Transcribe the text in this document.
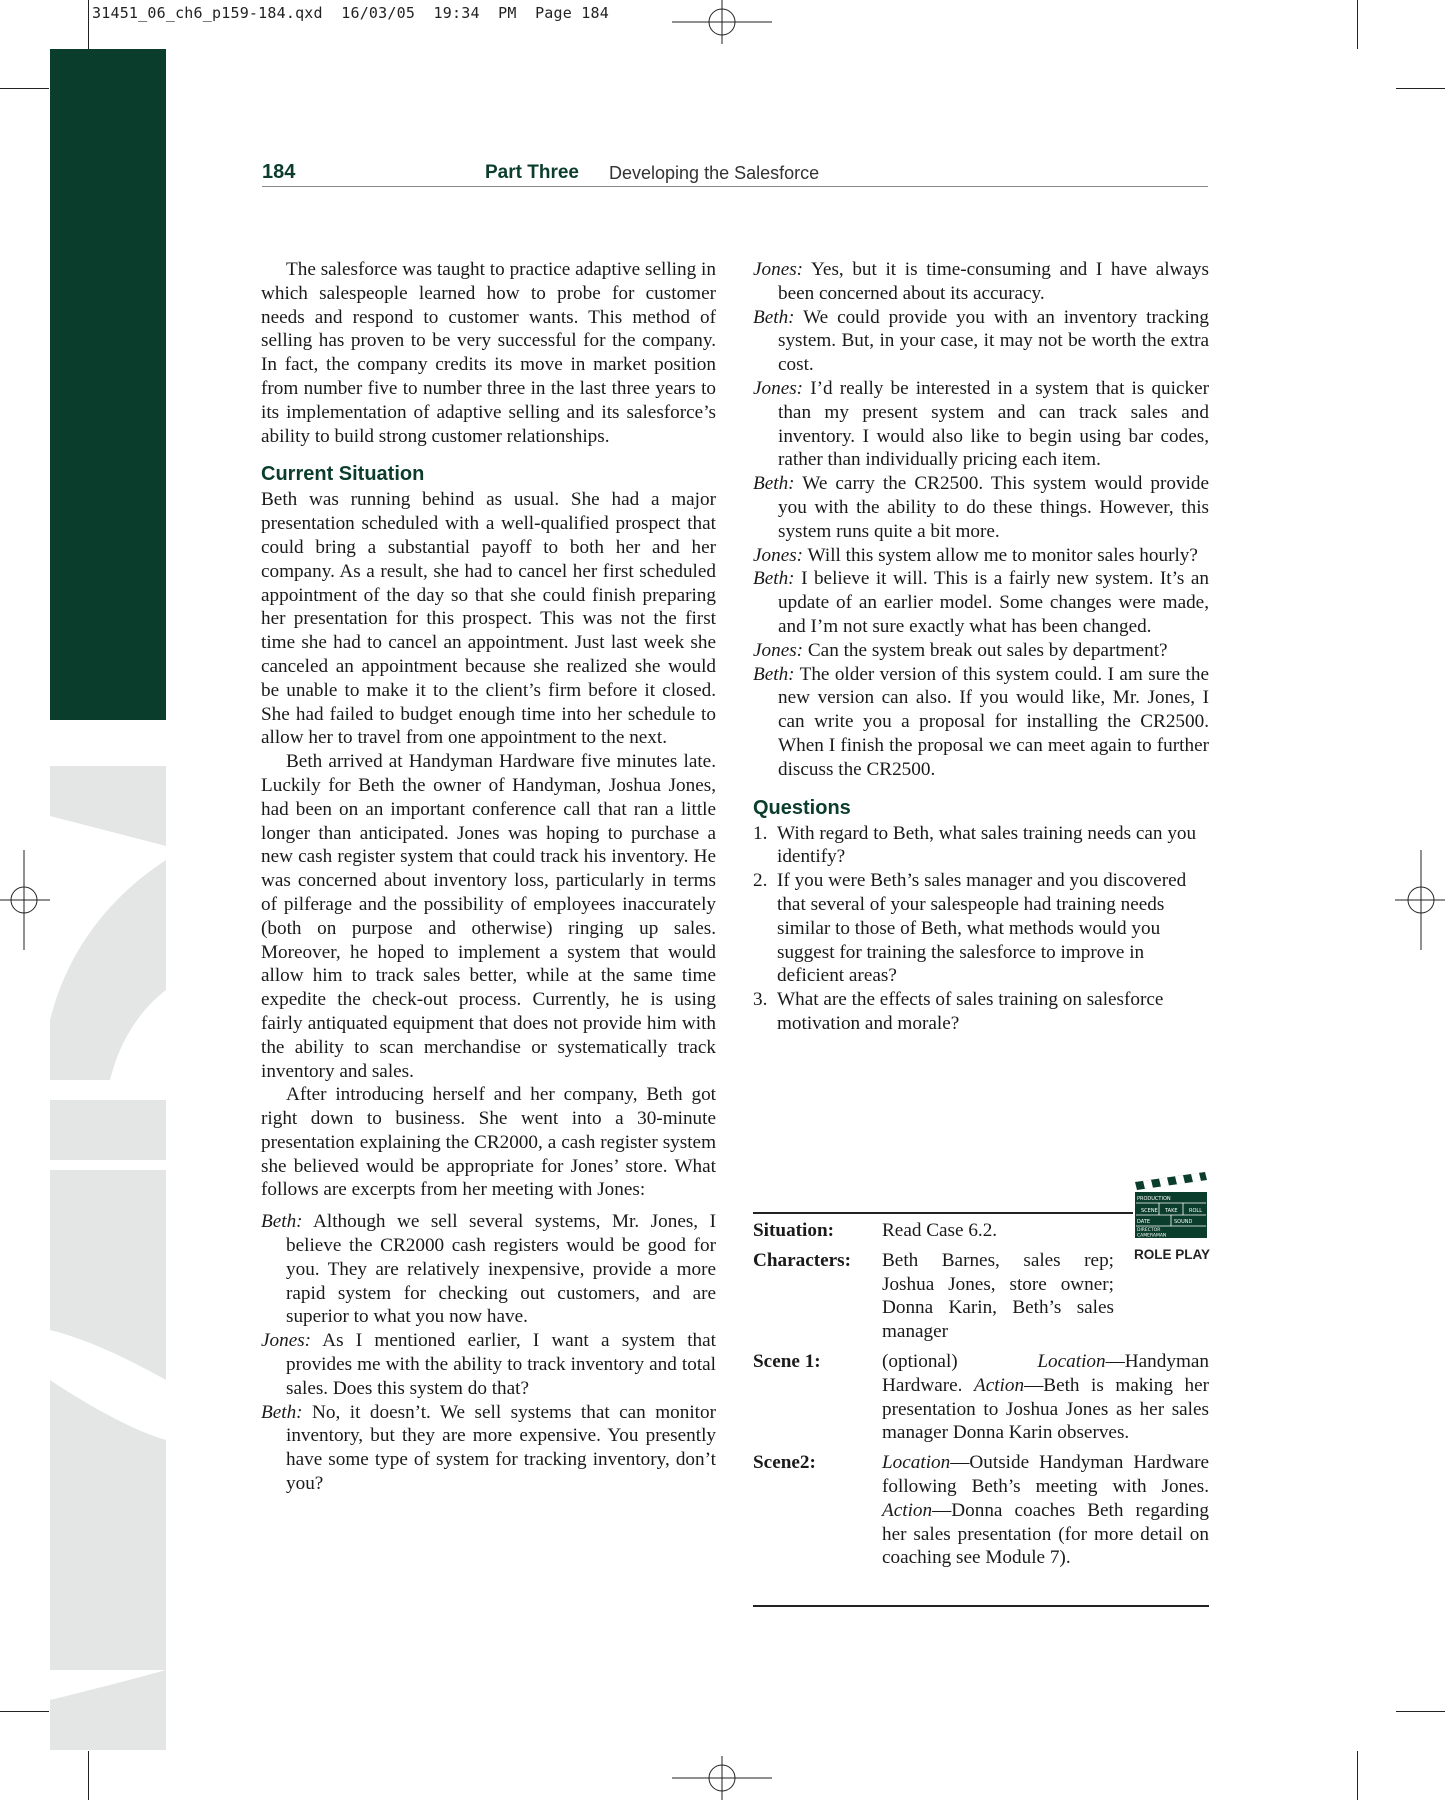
31451_06_ch6_p159-184.qxd  16/03/05  19:34  PM  Page 184
184	Part Three Developing the Salesforce

The salesforce was taught to practice adaptive selling in which salespeople learned how to probe for customer needs and respond to customer wants. This method of selling has proven to be very successful for the company. In fact, the company credits its move in market position from number five to number three in the last three years to its implementation of adaptive selling and its salesforce’s ability to build strong customer relationships.

Current Situation

Beth was running behind as usual. She had a major presentation scheduled with a well-qualified prospect that could bring a substantial payoff to both her and her company. As a result, she had to cancel her first scheduled appointment of the day so that she could finish preparing her presentation for this prospect. This was not the first time she had to cancel an appointment. Just last week she canceled an appointment because she realized she would be unable to make it to the client’s firm before it closed. She had failed to budget enough time into her schedule to allow her to travel from one appointment to the next.

Beth arrived at Handyman Hardware five minutes late. Luckily for Beth the owner of Handyman, Joshua Jones, had been on an important conference call that ran a little longer than anticipated. Jones was hoping to purchase a new cash register system that could track his inventory. He was concerned about inventory loss, particularly in terms of pilferage and the possibility of employees inaccurately (both on purpose and otherwise) ringing up sales. Moreover, he hoped to implement a system that would allow him to track sales better, while at the same time expedite the check-out process. Currently, he is using fairly antiquated equipment that does not provide him with the ability to scan merchandise or systematically track inventory and sales.

After introducing herself and her company, Beth got right down to business. She went into a 30-minute presentation explaining the CR2000, a cash register system she believed would be appropriate for Jones’ store. What follows are excerpts from her meeting with Jones:

Beth: Although we sell several systems, Mr. Jones, I believe the CR2000 cash registers would be good for you. They are relatively inexpensive, provide a more rapid system for checking out customers, and are superior to what you now have.

Jones: As I mentioned earlier, I want a system that provides me with the ability to track inventory and total sales. Does this system do that?

Beth: No, it doesn’t. We sell systems that can monitor inventory, but they are more expensive. You presently have some type of system for tracking inventory, don’t you?

Jones: Yes, but it is time-consuming and I have always been concerned about its accuracy.

Beth: We could provide you with an inventory tracking system. But, in your case, it may not be worth the extra cost.

Jones: I’d really be interested in a system that is quicker than my present system and can track sales and inventory. I would also like to begin using bar codes, rather than individually pricing each item.

Beth: We carry the CR2500. This system would provide you with the ability to do these things. However, this system runs quite a bit more.

Jones: Will this system allow me to monitor sales hourly?

Beth: I believe it will. This is a fairly new system. It’s an update of an earlier model. Some changes were made, and I’m not sure exactly what has been changed.

Jones: Can the system break out sales by department?

Beth: The older version of this system could. I am sure the new version can also. If you would like, Mr. Jones, I can write you a proposal for installing the CR2500. When I finish the proposal we can meet again to further discuss the CR2500.

Questions
1. With regard to Beth, what sales training needs can you identify?
2. If you were Beth’s sales manager and you discovered that several of your salespeople had training needs similar to those of Beth, what methods would you suggest for training the salesforce to improve in deficient areas?
3. What are the effects of sales training on salesforce motivation and morale?
PRODUCTION
SCENE TAKE ROLL
DATE	SOUND
DIRECTOR
CAMERAMAN
ROLE PLAY
Situation:	Read Case 6.2.
Characters:	Beth Barnes, sales rep; Joshua Jones, store owner; Donna Karin, Beth’s sales manager
Scene 1:	(optional) Location—Handyman Hardware. Action—Beth is making her presentation to Joshua Jones as her sales manager Donna Karin observes.
Scene2:	Location—Outside Handyman Hardware following Beth’s meeting with Jones. Action—Donna coaches Beth regarding her sales presentation (for more detail on coaching see Module 7).
